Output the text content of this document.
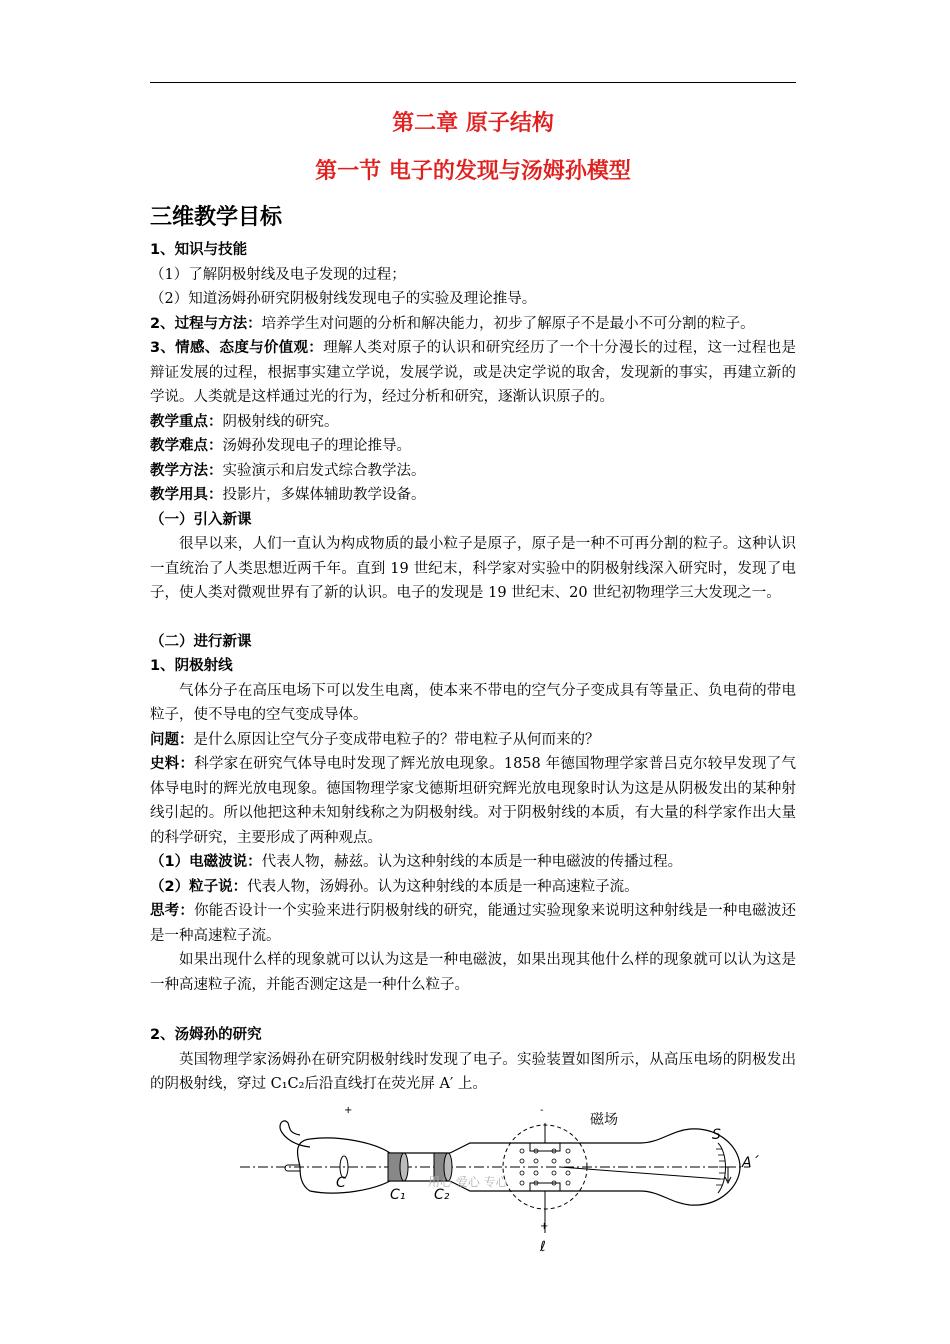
第二章 原子结构
第一节 电子的发现与汤姆孙模型
三维教学目标

1、知识与技能

（1）了解阴极射线及电子发现的过程；

（2）知道汤姆孙研究阴极射线发现电子的实验及理论推导。

2、过程与方法：培养学生对问题的分析和解决能力，初步了解原子不是最小不可分割的粒子。

3、情感、态度与价值观：理解人类对原子的认识和研究经历了一个十分漫长的过程，这一过程也是辩证发展的过程，根据事实建立学说，发展学说，或是决定学说的取舍，发现新的事实，再建立新的学说。人类就是这样通过光的行为，经过分析和研究，逐渐认识原子的。

教学重点：阴极射线的研究。

教学难点：汤姆孙发现电子的理论推导。

教学方法：实验演示和启发式综合教学法。

教学用具：投影片，多媒体辅助教学设备。

（一）引入新课

很早以来，人们一直认为构成物质的最小粒子是原子，原子是一种不可再分割的粒子。这种认识一直统治了人类思想近两千年。直到 19 世纪末，科学家对实验中的阴极射线深入研究时，发现了电子，使人类对微观世界有了新的认识。电子的发现是 19 世纪末、20 世纪初物理学三大发现之一。

（二）进行新课

1、阴极射线

气体分子在高压电场下可以发生电离，使本来不带电的空气分子变成具有等量正、负电荷的带电粒子，使不导电的空气变成导体。

问题：是什么原因让空气分子变成带电粒子的？带电粒子从何而来的？

史料：科学家在研究气体导电时发现了辉光放电现象。1858 年德国物理学家普吕克尔较早发现了气体导电时的辉光放电现象。德国物理学家戈德斯坦研究辉光放电现象时认为这是从阴极发出的某种射线引起的。所以他把这种未知射线称之为阴极射线。对于阴极射线的本质，有大量的科学家作出大量的科学研究，主要形成了两种观点。

（1）电磁波说：代表人物，赫兹。认为这种射线的本质是一种电磁波的传播过程。

（2）粒子说：代表人物，汤姆孙。认为这种射线的本质是一种高速粒子流。

思考：你能否设计一个实验来进行阴极射线的研究，能通过实验现象来说明这种射线是一种电磁波还是一种高速粒子流。

如果出现什么样的现象就可以认为这是一种电磁波，如果出现其他什么样的现象就可以认为这是一种高速粒子流，并能否测定这是一种什么粒子。

2、汤姆孙的研究

英国物理学家汤姆孙在研究阴极射线时发现了电子。实验装置如图所示，从高压电场的阴极发出的阴极射线，穿过 C₁C₂后沿直线打在荧光屏 A′ 上。

磁场
+	-
+
C
C₁ C₂
S
A´
ℓ
用心 爱心 专心
